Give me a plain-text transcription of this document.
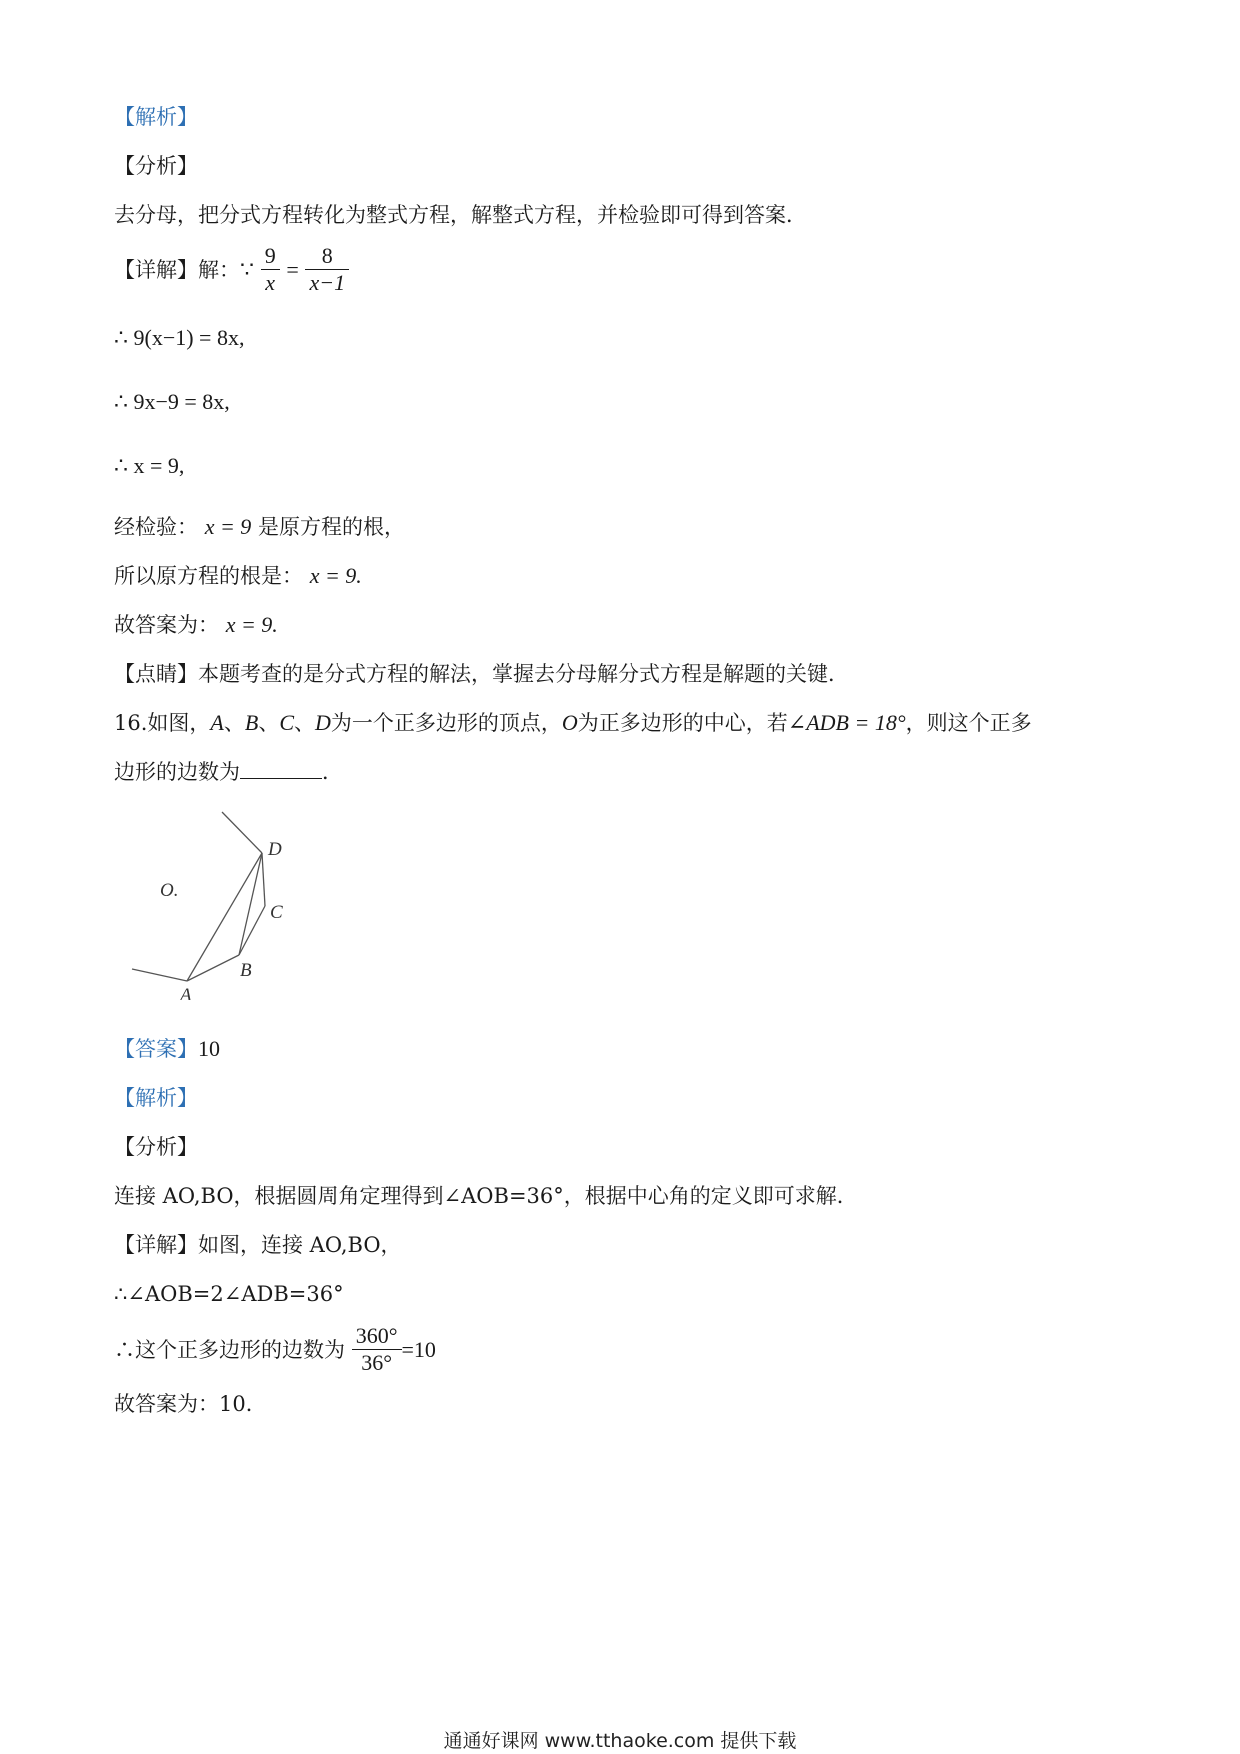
【解析】
【分析】
去分母，把分式方程转化为整式方程，解整式方程，并检验即可得到答案．
【详解】解：∵ $\frac{9}{x} = \frac{8}{x-1}$
∴ 9(x−1) = 8x,
∴ 9x−9 = 8x,
∴ x = 9,
经检验： x = 9 是原方程的根，
所以原方程的根是： x = 9.
故答案为： x = 9.
【点睛】本题考查的是分式方程的解法，掌握去分母解分式方程是解题的关键．
16.如图，A、B、C、D为一个正多边形的顶点，O为正多边形的中心，若∠ADB = 18°，则这个正多
边形的边数为	．
O.
A
B
C
D
【答案】10
【解析】
【分析】
连接 AO,BO，根据圆周角定理得到∠AOB=36°，根据中心角的定义即可求解．
【详解】如图，连接 AO,BO，
∴∠AOB=2∠ADB=36°
∴这个正多边形的边数为 $\frac{360^\circ}{36^\circ} =10$
故答案为：10．
通通好课网 www.tthaoke.com 提供下载
